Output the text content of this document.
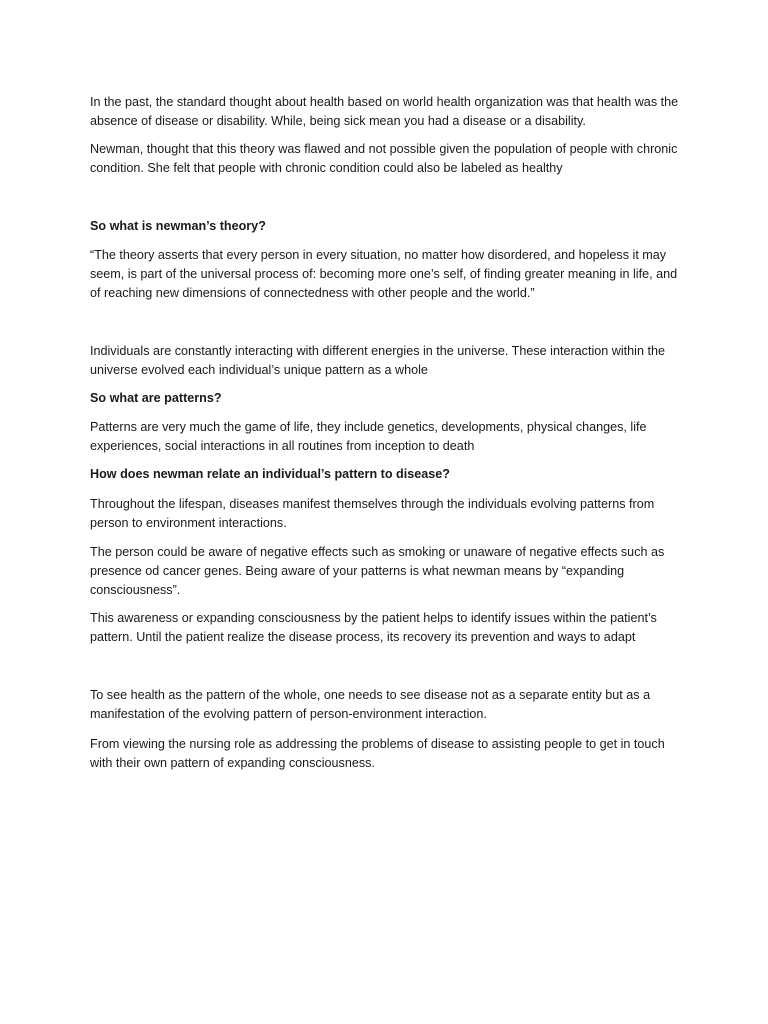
In the past, the standard thought about health based on world health organization was that health was the absence of disease or disability. While, being sick mean you had a disease or a disability.

Newman, thought that this theory was flawed and not possible given the population of people with chronic condition. She felt that people with chronic condition could also be labeled as healthy

So what is newman’s theory?

“The theory asserts that every person in every situation, no matter how disordered, and hopeless it may seem, is part of the universal process of: becoming more one’s self, of finding greater meaning in life, and of reaching new dimensions of connectedness with other people and the world.”

Individuals are constantly interacting with different energies in the universe. These interaction within the universe evolved each individual’s unique pattern as a whole

So what are patterns?

Patterns are very much the game of life, they include genetics, developments, physical changes, life experiences, social interactions in all routines from inception to death

How does newman relate an individual’s pattern to disease?

Throughout the lifespan, diseases manifest themselves through the individuals evolving patterns from person to environment interactions.

The person could be aware of negative effects such as smoking or unaware of negative effects such as presence od cancer genes. Being aware of your patterns is what newman means by “expanding consciousness”.

This awareness or expanding consciousness by the patient helps to identify issues within the patient’s pattern. Until the patient realize the disease process, its recovery its prevention and ways to adapt

To see health as the pattern of the whole, one needs to see disease not as a separate entity but as a manifestation of the evolving pattern of person-environment interaction.

From viewing the nursing role as addressing the problems of disease to assisting people to get in touch with their own pattern of expanding consciousness.
